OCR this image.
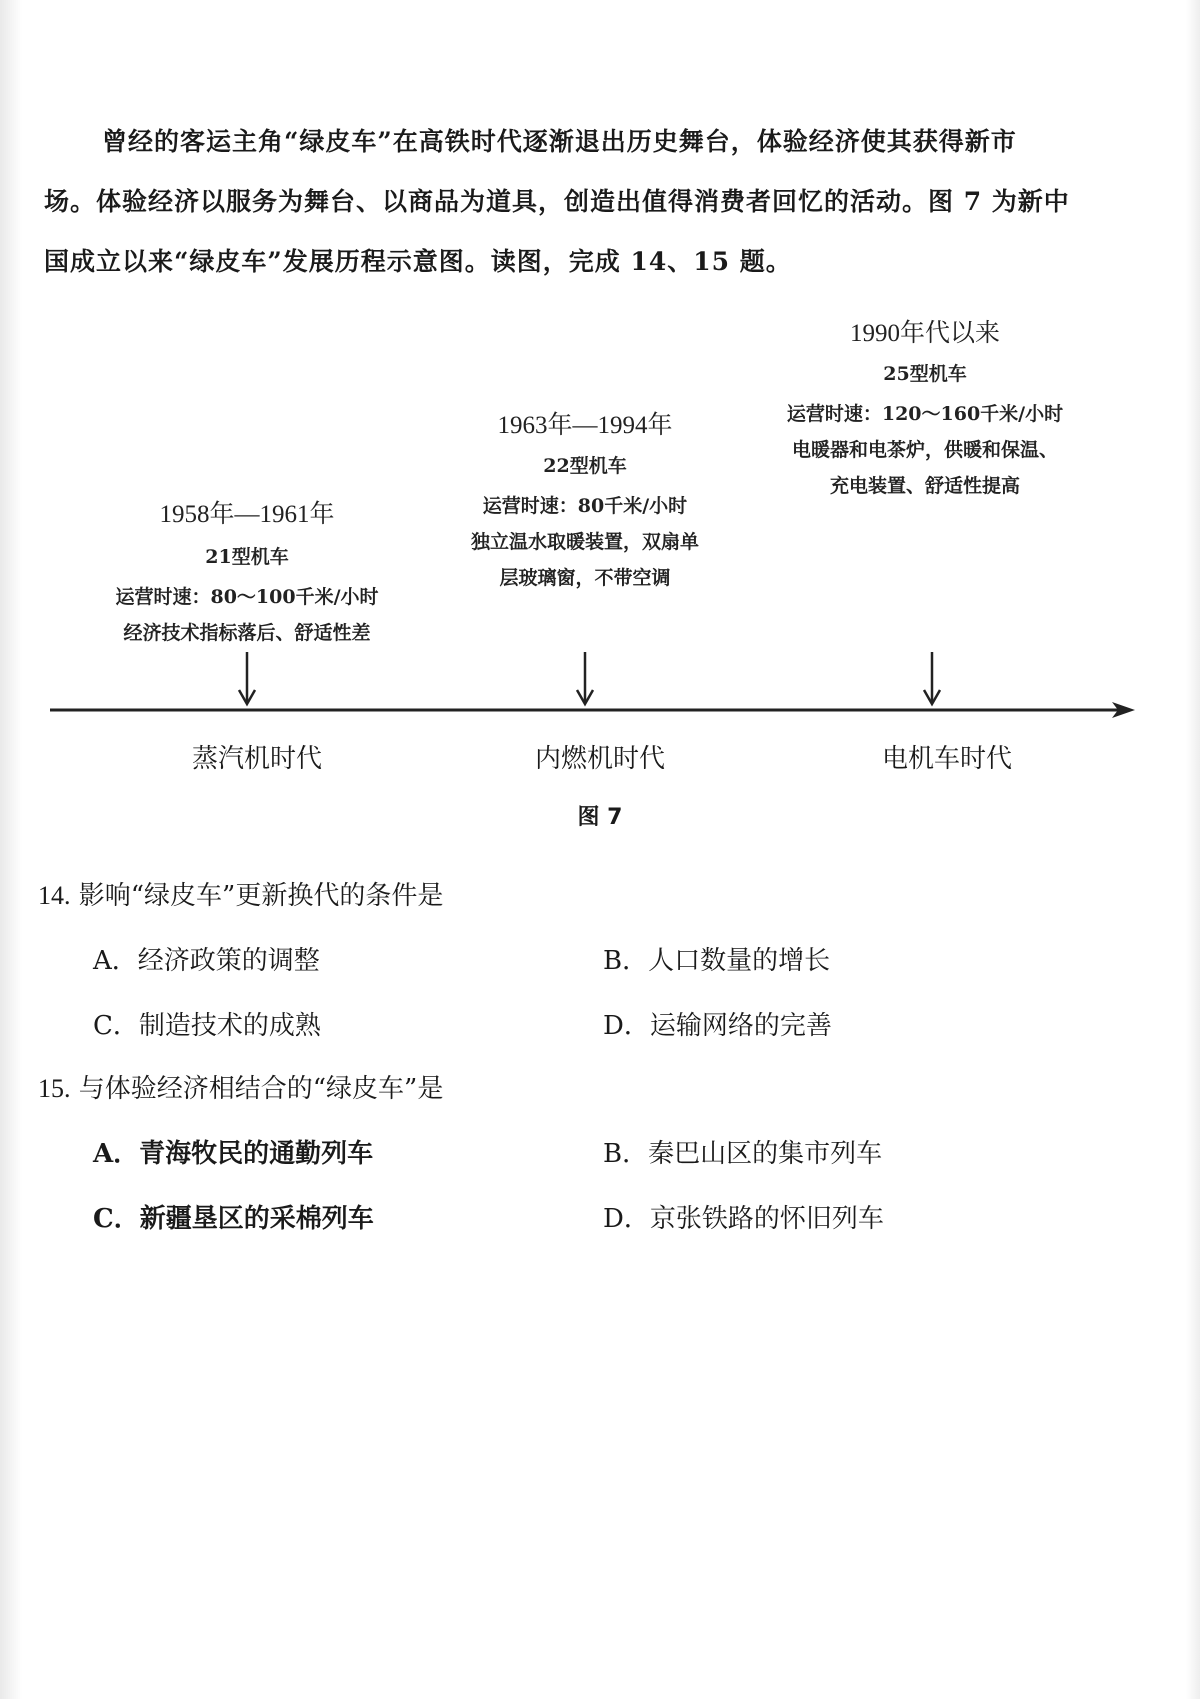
曾经的客运主角“绿皮车”在高铁时代逐渐退出历史舞台，体验经济使其获得新市

场。体验经济以服务为舞台、以商品为道具，创造出值得消费者回忆的活动。图 7 为新中

国成立以来“绿皮车”发展历程示意图。读图，完成 14、15 题。

1958年—1961年
21型机车
运营时速：80～100千米/小时
经济技术指标落后、舒适性差
1963年—1994年
22型机车
运营时速：80千米/小时
独立温水取暖装置，双扇单
层玻璃窗，不带空调
1990年代以来
25型机车
运营时速：120～160千米/小时
电暖器和电茶炉，供暖和保温、
充电装置、舒适性提高
蒸汽机时代	内燃机时代	电机车时代
图 7
14. 影响“绿皮车”更新换代的条件是
A．经济政策的调整	B．人口数量的增长
C．制造技术的成熟	D．运输网络的完善
15. 与体验经济相结合的“绿皮车”是
A．青海牧民的通勤列车	B．秦巴山区的集市列车
C．新疆垦区的采棉列车	D．京张铁路的怀旧列车
